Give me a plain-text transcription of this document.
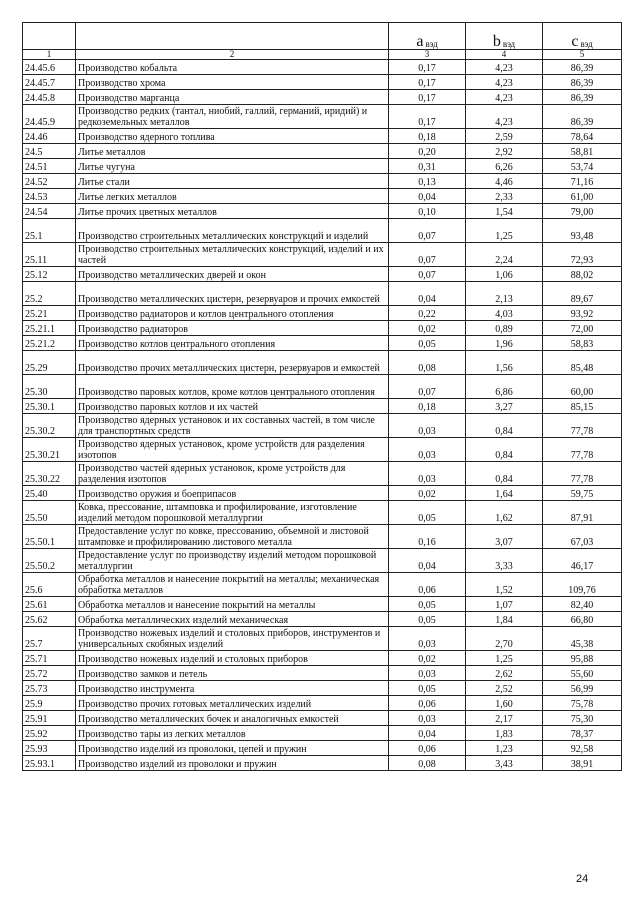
		a $_{вэд}$	b $_{вэд}$	c $_{вэд}$
1	2	3	4	5
24.45.6	Производство кобальта	0,17	4,23	86,39
24.45.7	Производство хрома	0,17	4,23	86,39
24.45.8	Производство марганца	0,17	4,23	86,39
24.45.9	Производство редких (тантал, ниобий, галлий, германий, иридий) и редкоземельных металлов	0,17	4,23	86,39
24.46	Производство ядерного топлива	0,18	2,59	78,64
24.5	Литье металлов	0,20	2,92	58,81
24.51	Литье чугуна	0,31	6,26	53,74
24.52	Литье стали	0,13	4,46	71,16
24.53	Литье легких металлов	0,04	2,33	61,00
24.54	Литье прочих цветных металлов	0,10	1,54	79,00
25.1	Производство строительных металлических конструкций и изделий	0,07	1,25	93,48
25.11	Производство строительных металлических конструкций, изделий и их частей	0,07	2,24	72,93
25.12	Производство металлических дверей и окон	0,07	1,06	88,02
25.2	Производство металлических цистерн, резервуаров и прочих емкостей	0,04	2,13	89,67
25.21	Производство радиаторов и котлов центрального отопления	0,22	4,03	93,92
25.21.1	Производство радиаторов	0,02	0,89	72,00
25.21.2	Производство котлов центрального отопления	0,05	1,96	58,83
25.29	Производство прочих металлических цистерн, резервуаров и емкостей	0,08	1,56	85,48
25.30	Производство паровых котлов, кроме котлов центрального отопления	0,07	6,86	60,00
25.30.1	Производство паровых котлов и их частей	0,18	3,27	85,15
25.30.2	Производство ядерных установок и их составных частей, в том числе для транспортных средств	0,03	0,84	77,78
25.30.21	Производство ядерных установок, кроме устройств для разделения изотопов	0,03	0,84	77,78
25.30.22	Производство частей ядерных установок, кроме устройств для разделения изотопов	0,03	0,84	77,78
25.40	Производство оружия и боеприпасов	0,02	1,64	59,75
25.50	Ковка, прессование, штамповка и профилирование, изготовление изделий методом порошковой металлургии	0,05	1,62	87,91
25.50.1	Предоставление услуг по ковке, прессованию, объемной и листовой штамповке и профилированию листового металла	0,16	3,07	67,03
25.50.2	Предоставление услуг по производству изделий методом порошковой металлургии	0,04	3,33	46,17
25.6	Обработка металлов и нанесение покрытий на металлы; механическая обработка металлов	0,06	1,52	109,76
25.61	Обработка металлов и нанесение покрытий на металлы	0,05	1,07	82,40
25.62	Обработка металлических изделий механическая	0,05	1,84	66,80
25.7	Производство ножевых изделий и столовых приборов, инструментов и универсальных скобяных изделий	0,03	2,70	45,38
25.71	Производство ножевых изделий и столовых приборов	0,02	1,25	95,88
25.72	Производство замков и петель	0,03	2,62	55,60
25.73	Производство инструмента	0,05	2,52	56,99
25.9	Производство прочих готовых металлических изделий	0,06	1,60	75,78
25.91	Производство металлических бочек и аналогичных емкостей	0,03	2,17	75,30
25.92	Производство тары из легких металлов	0,04	1,83	78,37
25.93	Производство изделий из проволоки, цепей и пружин	0,06	1,23	92,58
25.93.1	Производство изделий из проволоки и пружин	0,08	3,43	38,91
24
